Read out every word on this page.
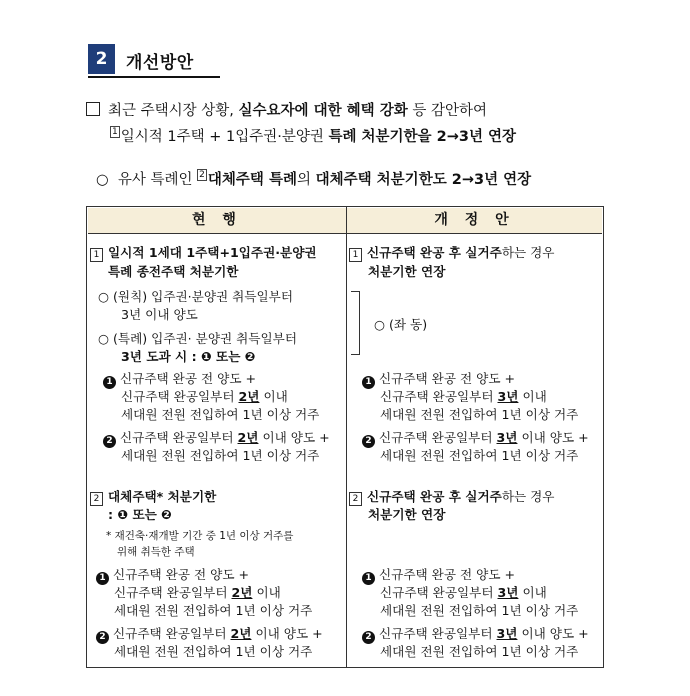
2	개선방안
최근 주택시장 상황, 실수요자에 대한 혜택 강화 등 감안하여
1 일시적 1주택 + 1입주권·분양권 특례 처분기한을 2→3년 연장
○ 유사 특례인 2 대체주택 특례의 대체주택 처분기한도 2→3년 연장
현 행	개 정 안
1 일시적 1세대 1주택+1입주권·분양권
특례 종전주택 처분기한
○ (원칙) 입주권·분양권 취득일부터
3년 이내 양도
○ (특례) 입주권· 분양권 취득일부터
3년 도과 시 : ❶ 또는 ❷
1 신규주택 완공 전 양도 +
신규주택 완공일부터 2년 이내
세대원 전원 전입하여 1년 이상 거주
2 신규주택 완공일부터 2년 이내 양도 +
세대원 전원 전입하여 1년 이상 거주
2 대체주택* 처분기한
: ❶ 또는 ❷
* 재건축·재개발 기간 중 1년 이상 거주를
위해 취득한 주택
1 신규주택 완공 전 양도 +
신규주택 완공일부터 2년 이내
세대원 전원 전입하여 1년 이상 거주
2 신규주택 완공일부터 2년 이내 양도 +
세대원 전원 전입하여 1년 이상 거주
1 신규주택 완공 후 실거주하는 경우
처분기한 연장
○ (좌 동)
1 신규주택 완공 전 양도 +
신규주택 완공일부터 3년 이내
세대원 전원 전입하여 1년 이상 거주
2 신규주택 완공일부터 3년 이내 양도 +
세대원 전원 전입하여 1년 이상 거주
2 신규주택 완공 후 실거주하는 경우
처분기한 연장
1 신규주택 완공 전 양도 +
신규주택 완공일부터 3년 이내
세대원 전원 전입하여 1년 이상 거주
2 신규주택 완공일부터 3년 이내 양도 +
세대원 전원 전입하여 1년 이상 거주
